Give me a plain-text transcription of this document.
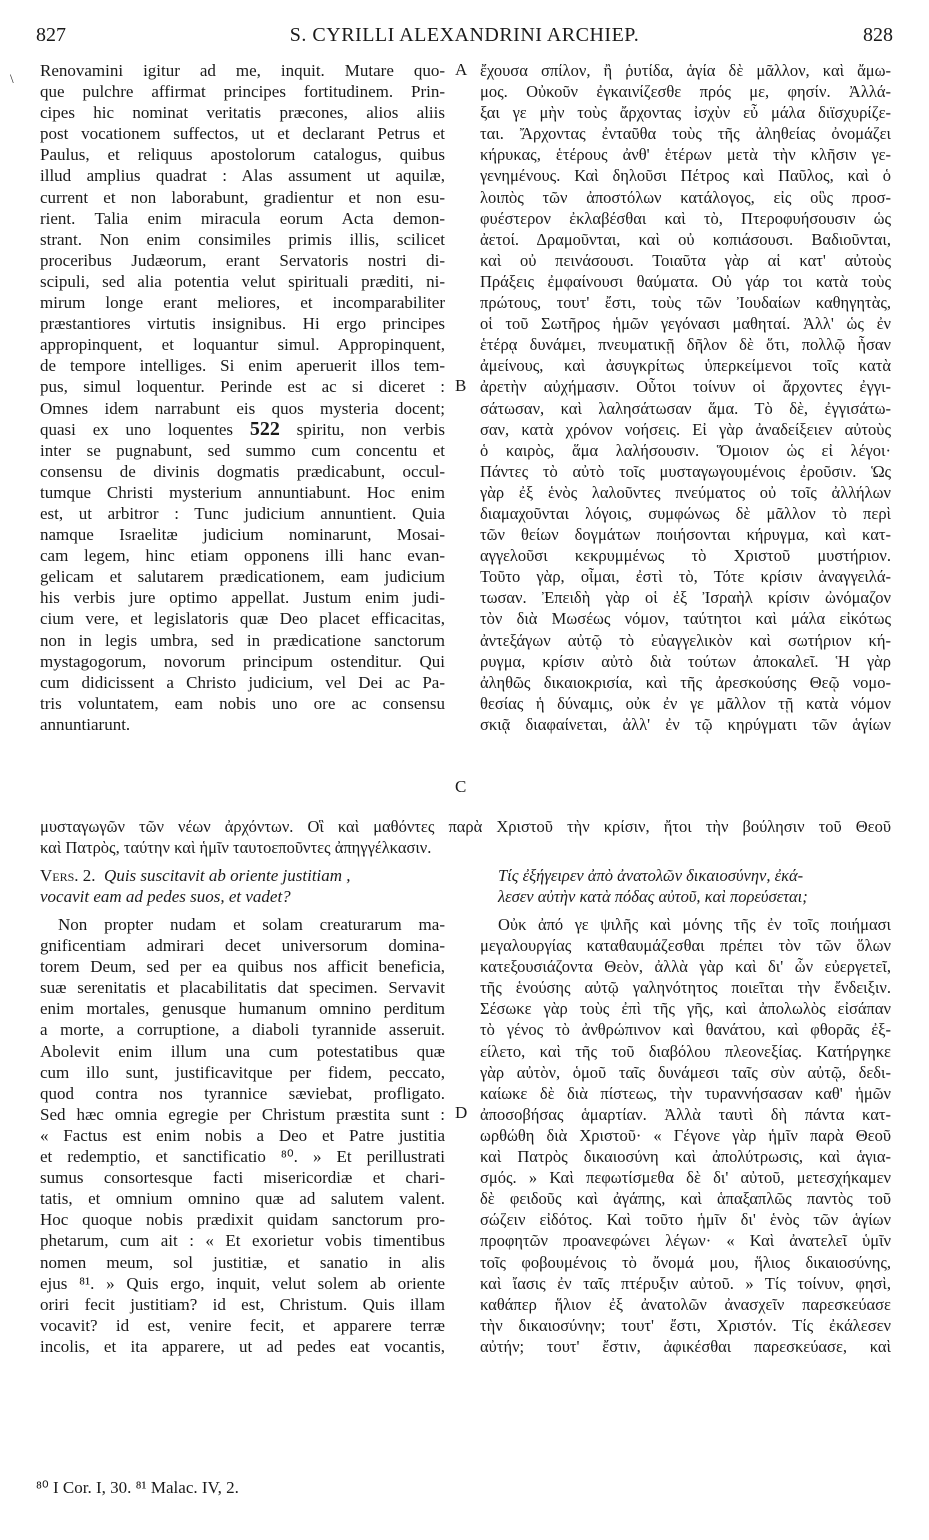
827	S. CYRILLI ALEXANDRINI ARCHIEP.	828
\ Renovamini igitur ad me, inquit. Mutare quo-
que pulchre affirmat principes fortitudinem. Prin-
cipes hic nominat veritatis præcones, alios aliis
post vocationem suffectos, ut et declarant Petrus et
Paulus, et reliquus apostolorum catalogus, quibus
illud amplius quadrat : Alas assument ut aquilæ,
current et non laborabunt, gradientur et non esu-
rient. Talia enim miracula eorum Acta demon-
strant. Non enim consimiles primis illis, scilicet
proceribus Judæorum, erant Servatoris nostri di-
scipuli, sed alia potentia velut spirituali præditi, ni-
mirum longe erant meliores, et incomparabiliter
præstantiores virtutis insignibus. Hi ergo principes
appropinquent, et loquantur simul. Appropinquent,
de tempore intelliges. Si enim aperuerit illos tem-
pus, simul loquentur. Perinde est ac si diceret :
Omnes idem narrabunt eis quos mysteria docent;
quasi ex uno loquentes 522 spiritu, non verbis
inter se pugnabunt, sed summo cum concentu et
consensu de divinis dogmatis prædicabunt, occul-
tumque Christi mysterium annuntiabunt. Hoc enim
est, ut arbitror : Tunc judicium annuntient. Quia
namque Israelitæ judicium nominarunt, Mosai-
cam legem, hinc etiam opponens illi hanc evan-
gelicam et salutarem prædicationem, eam judicium
his verbis jure optimo appellat. Justum enim judi-
cium vere, et legislatoris quæ Deo placet efficacitas,
non in legis umbra, sed in prædicatione sanctorum
mystagogorum, novorum principum ostenditur. Qui
cum didicissent a Christo judicium, vel Dei ac Pa-
tris voluntatem, eam nobis uno ore ac consensu
annuntiarunt.
ἔχουσα σπίλον, ἢ ῥυτίδα, ἁγία δὲ μᾶλλον, καὶ ἄμω-
μος. Οὐκοῦν ἐγκαινίζεσθε πρός με, φησίν. Ἀλλά-
ξαι γε μὴν τοὺς ἄρχοντας ἰσχὺν εὖ μάλα διϊσχυρίζε-
ται. Ἄρχοντας ἐνταῦθα τοὺς τῆς ἀληθείας ὀνομάζει
κήρυκας, ἑτέρους ἀνθ' ἑτέρων μετὰ τὴν κλῆσιν γε-
γενημένους. Καὶ δηλοῦσι Πέτρος καὶ Παῦλος, καὶ ὁ
λοιπὸς τῶν ἀποστόλων κατάλογος, εἰς οὓς προσ-
φυέστερον ἐκλαβέσθαι καὶ τὸ, Πτεροφυήσουσιν ὡς
ἀετοί. Δραμοῦνται, καὶ οὐ κοπιάσουσι. Βαδιοῦνται,
καὶ οὐ πεινάσουσι. Τοιαῦτα γὰρ αἱ κατ' αὐτοὺς
Πράξεις ἐμφαίνουσι θαύματα. Οὐ γάρ τοι κατὰ τοὺς
πρώτους, τουτ' ἔστι, τοὺς τῶν Ἰουδαίων καθηγητὰς,
οἱ τοῦ Σωτῆρος ἡμῶν γεγόνασι μαθηταί. Ἀλλ' ὡς ἐν
ἑτέρᾳ δυνάμει, πνευματικῇ δῆλον δὲ ὅτι, πολλῷ ἦσαν
ἀμείνους, καὶ ἀσυγκρίτως ὑπερκείμενοι τοῖς κατὰ
ἀρετὴν αὐχήμασιν. Οὗτοι τοίνυν οἱ ἄρχοντες ἐγγι-
σάτωσαν, καὶ λαλησάτωσαν ἅμα. Τὸ δὲ, ἐγγισάτω-
σαν, κατὰ χρόνον νοήσεις. Εἰ γὰρ ἀναδείξειεν αὐτοὺς
ὁ καιρὸς, ἅμα λαλήσουσιν. Ὅμοιον ὡς εἰ λέγοι·
Πάντες τὸ αὐτὸ τοῖς μυσταγωγουμένοις ἐροῦσιν. Ὡς
γὰρ ἐξ ἑνὸς λαλοῦντες πνεύματος οὐ τοῖς ἀλλήλων
διαμαχοῦνται λόγοις, συμφώνως δὲ μᾶλλον τὸ περὶ
τῶν θείων δογμάτων ποιήσονται κήρυγμα, καὶ κατ-
αγγελοῦσι κεκρυμμένως τὸ Χριστοῦ μυστήριον.
Τοῦτο γὰρ, οἶμαι, ἐστὶ τὸ, Τότε κρίσιν ἀναγγειλά-
τωσαν. Ἐπειδὴ γὰρ οἱ ἐξ Ἰσραὴλ κρίσιν ὠνόμαζον
τὸν διὰ Μωσέως νόμον, ταύτητοι καὶ μάλα εἰκότως
ἀντεξάγων αὐτῷ τὸ εὐαγγελικὸν καὶ σωτήριον κή-
ρυγμα, κρίσιν αὐτὸ διὰ τούτων ἀποκαλεῖ. Ἡ γὰρ
ἀληθῶς δικαιοκρισία, καὶ τῆς ἀρεσκούσης Θεῷ νομο-
θεσίας ἡ δύναμις, οὐκ ἐν γε μᾶλλον τῇ κατὰ νόμον
σκιᾷ διαφαίνεται, ἀλλ' ἐν τῷ κηρύγματι τῶν ἁγίων
A
B
C
D
μυσταγωγῶν τῶν νέων ἀρχόντων. Οἳ καὶ μαθόντες παρὰ Χριστοῦ τὴν κρίσιν, ἤτοι τὴν βούλησιν τοῦ Θεοῦ
καὶ Πατρὸς, ταύτην καὶ ἡμῖν ταυτοεποῦντες ἀπηγγέλκασιν.
Vers. 2. Quis suscitavit ab oriente justitiam ,
vocavit eam ad pedes suos, et vadet?
Τίς ἐξήγειρεν ἀπὸ ἀνατολῶν δικαιοσύνην, ἐκά-
λεσεν αὐτὴν κατὰ πόδας αὐτοῦ, καὶ πορεύσεται;
Non propter nudam et solam creaturarum ma-
gnificentiam admirari decet universorum domina-
torem Deum, sed per ea quibus nos afficit beneficia,
suæ serenitatis et placabilitatis dat specimen. Servavit
enim mortales, genusque humanum omnino perditum
a morte, a corruptione, a diaboli tyrannide asseruit.
Abolevit enim illum una cum potestatibus quæ
cum illo sunt, justificavitque per fidem, peccato,
quod contra nos tyrannice sæviebat, profligato.
Sed hæc omnia egregie per Christum præstita sunt :
« Factus est enim nobis a Deo et Patre justitia
et redemptio, et sanctificatio ⁸⁰. » Et perillustrati
sumus consortesque facti misericordiæ et chari-
tatis, et omnium omnino quæ ad salutem valent.
Hoc quoque nobis prædixit quidam sanctorum pro-
phetarum, cum ait : « Et exorietur vobis timentibus
nomen meum, sol justitiæ, et sanatio in alis
ejus ⁸¹. » Quis ergo, inquit, velut solem ab oriente
oriri fecit justitiam? id est, Christum. Quis illam
vocavit? id est, venire fecit, et apparere terræ
incolis, et ita apparere, ut ad pedes eat vocantis,
Οὐκ ἀπό γε ψιλῆς καὶ μόνης τῆς ἐν τοῖς ποιήμασι
μεγαλουργίας καταθαυμάζεσθαι πρέπει τὸν τῶν ὅλων
κατεξουσιάζοντα Θεὸν, ἀλλὰ γὰρ καὶ δι' ὧν εὐεργετεῖ,
τῆς ἑνούσης αὐτῷ γαληνότητος ποιεῖται τὴν ἔνδειξιν.
Σέσωκε γὰρ τοὺς ἐπὶ τῆς γῆς, καὶ ἀπολωλὸς εἰσάπαν
τὸ γένος τὸ ἀνθρώπινον καὶ θανάτου, καὶ φθορᾶς ἐξ-
είλετο, καὶ τῆς τοῦ διαβόλου πλεονεξίας. Κατήργηκε
γὰρ αὐτὸν, ὁμοῦ ταῖς δυνάμεσι ταῖς σὺν αὐτῷ, δεδι-
καίωκε δὲ διὰ πίστεως, τὴν τυραννήσασαν καθ' ἡμῶν
ἀποσοβήσας ἁμαρτίαν. Ἀλλὰ ταυτὶ δὴ πάντα κατ-
ωρθώθη διὰ Χριστοῦ· « Γέγονε γὰρ ἡμῖν παρὰ Θεοῦ
καὶ Πατρὸς δικαιοσύνη καὶ ἀπολύτρωσις, καὶ ἁγια-
σμός. » Καὶ πεφωτίσμεθα δὲ δι' αὐτοῦ, μετεσχήκαμεν
δὲ φειδοῦς καὶ ἀγάπης, καὶ ἁπαξαπλῶς παντὸς τοῦ
σώζειν εἰδότος. Καὶ τοῦτο ἡμῖν δι' ἑνὸς τῶν ἁγίων
προφητῶν προανεφώνει λέγων· « Καὶ ἀνατελεῖ ὑμῖν
τοῖς φοβουμένοις τὸ ὄνομά μου, ἥλιος δικαιοσύνης,
καὶ ἴασις ἐν ταῖς πτέρυξιν αὐτοῦ. » Τίς τοίνυν, φησὶ,
καθάπερ ἥλιον ἐξ ἀνατολῶν ἀνασχεῖν παρεσκεύασε
τὴν δικαιοσύνην; τουτ' ἔστι, Χριστόν. Τίς ἐκάλεσεν
αὐτήν; τουτ' ἔστιν, ἀφικέσθαι παρεσκεύασε, καὶ
⁸⁰ I Cor. I, 30. ⁸¹ Malac. IV, 2.
